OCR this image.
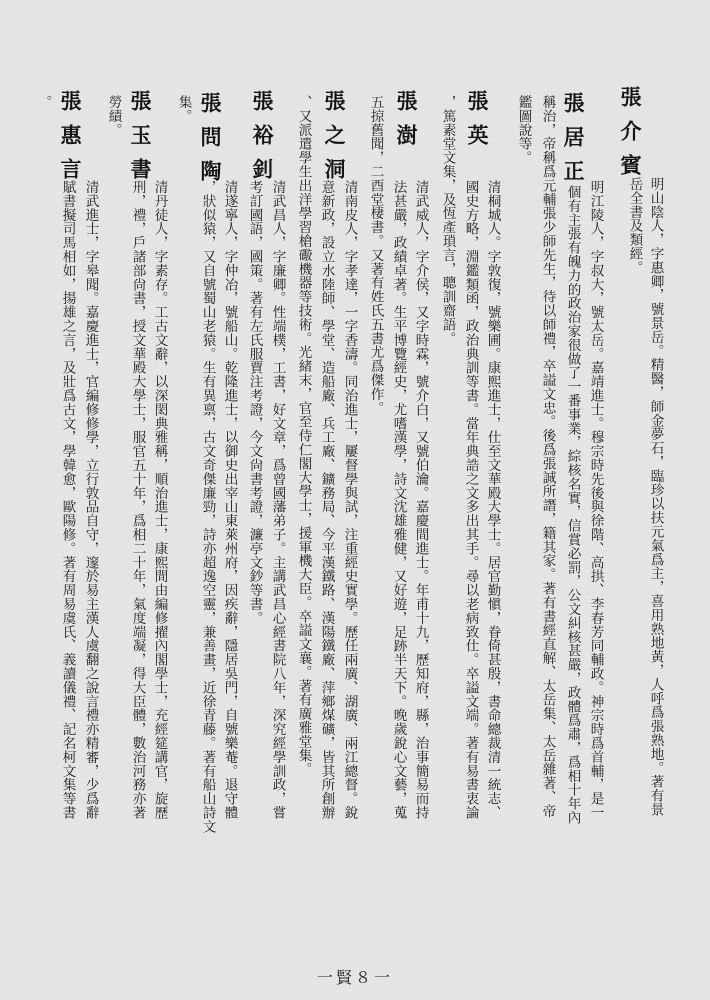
張介賓
明山陰人，字惠卿，號景岳。精醫，師金夢石，臨珍以扶元氣爲主，喜用熟地黃，人呼爲張熟地。著有景
岳全書及類經。
張居正
明江陵人，字叔大，號太岳。嘉靖進士。穆宗時先後與徐階、高拱、李春芳同輔政。神宗時爲首輔，是一
個有主張有魄力的政治家很做了一番事業，綜核名實，信賞必罰，公文糾核甚嚴，政體爲肅，爲相十年內
稱治，帝稱爲元輔張少師先生，待以師禮，卒謚文忠。後爲張誠所譖，籍其家。著有書經直解、太岳集、太岳雜著、帝
鑑圖說等。
張英
清桐城人。字敦復，號樂圃。康熙進士，仕至文華殿大學士。居官勤愼，眷倚甚殷，書命總裁清一統志、
國史方略，淵鑑類函，政治典訓等書。當年典誥之文多出其手。尋以老病致仕。卒謚文端。著有易書衷論
，篤素堂文集，及恆產瑣言，聰訓齋語。
張澍
清武威人，字介侯，又字時霖，號介白，又號伯瀹。嘉慶間進士。年甫十九，歷知府，縣，治事簡易而持
法甚嚴，政績卓著。生平博覽經史，尤嗜漢學，詩文沈雄雅健，又好遊，足跡半天下。晚歲銳心文藝，蒐
五掠舊聞，二酉堂棲書。又著有姓氏五書尤爲傑作。
張之洞
清南皮人，字孝達，一字香濤。同治進士，屢督學與試，注重經史實學。歷任兩廣、湖廣、兩江總督。銳
意新政，設立水陸師、學堂、造船廠、兵工廠、鑛務局、今平漢鐵路、漢陽鐵廠、萍鄉煤礦，皆其所創辦
、又派遣學生出洋學習槍礮機器等技術。光緒末，官至侍仁閣大學士，援軍機大臣。卒謚文襄。著有廣雅堂集。
張裕釗
清武昌人，字廉卿。性端樸，工書，好文章，爲曾國藩弟子。主講武昌心經書院八年，深究經學訓政，嘗
考訂國語，國策。著有左氏服賈注考證，今文尙書考證，濂亭文鈔等書。
張問陶
清遂寧人，字仲冶，號船山。乾隆進士，以御史出宰山東萊州府，因疾辭，隱居吳門，自號樂菴。退守體
，狀似猿，又自號蜀山老猿。生有異禀，古文奇傑廉勁，詩亦超逸空靈，兼善畫，近徐青藤。著有船山詩文
集。
張玉書
清丹徒人，字素存。工古文辭，以深閎典雅稱，順治進士，康熙間由編修擢內閣學士，充經筵講官，旋歷
刑，禮，戶諸部尙書，授文華殿大學士，服官五十年，爲相二十年，氣度端凝，得大臣體，數治河務亦著
勞績。
張惠言
清武進士，字皋聞。嘉慶進士，官編修修學，立行敦品自守，邃於易主漢人虞翻之說言禮亦精審，少爲辭
賦書擬司馬相如，揚雄之言，及壯爲古文，學韓愈，歐陽修。著有周易虞氏、義讀儀禮、記名柯文集等書
。
一賢８一
